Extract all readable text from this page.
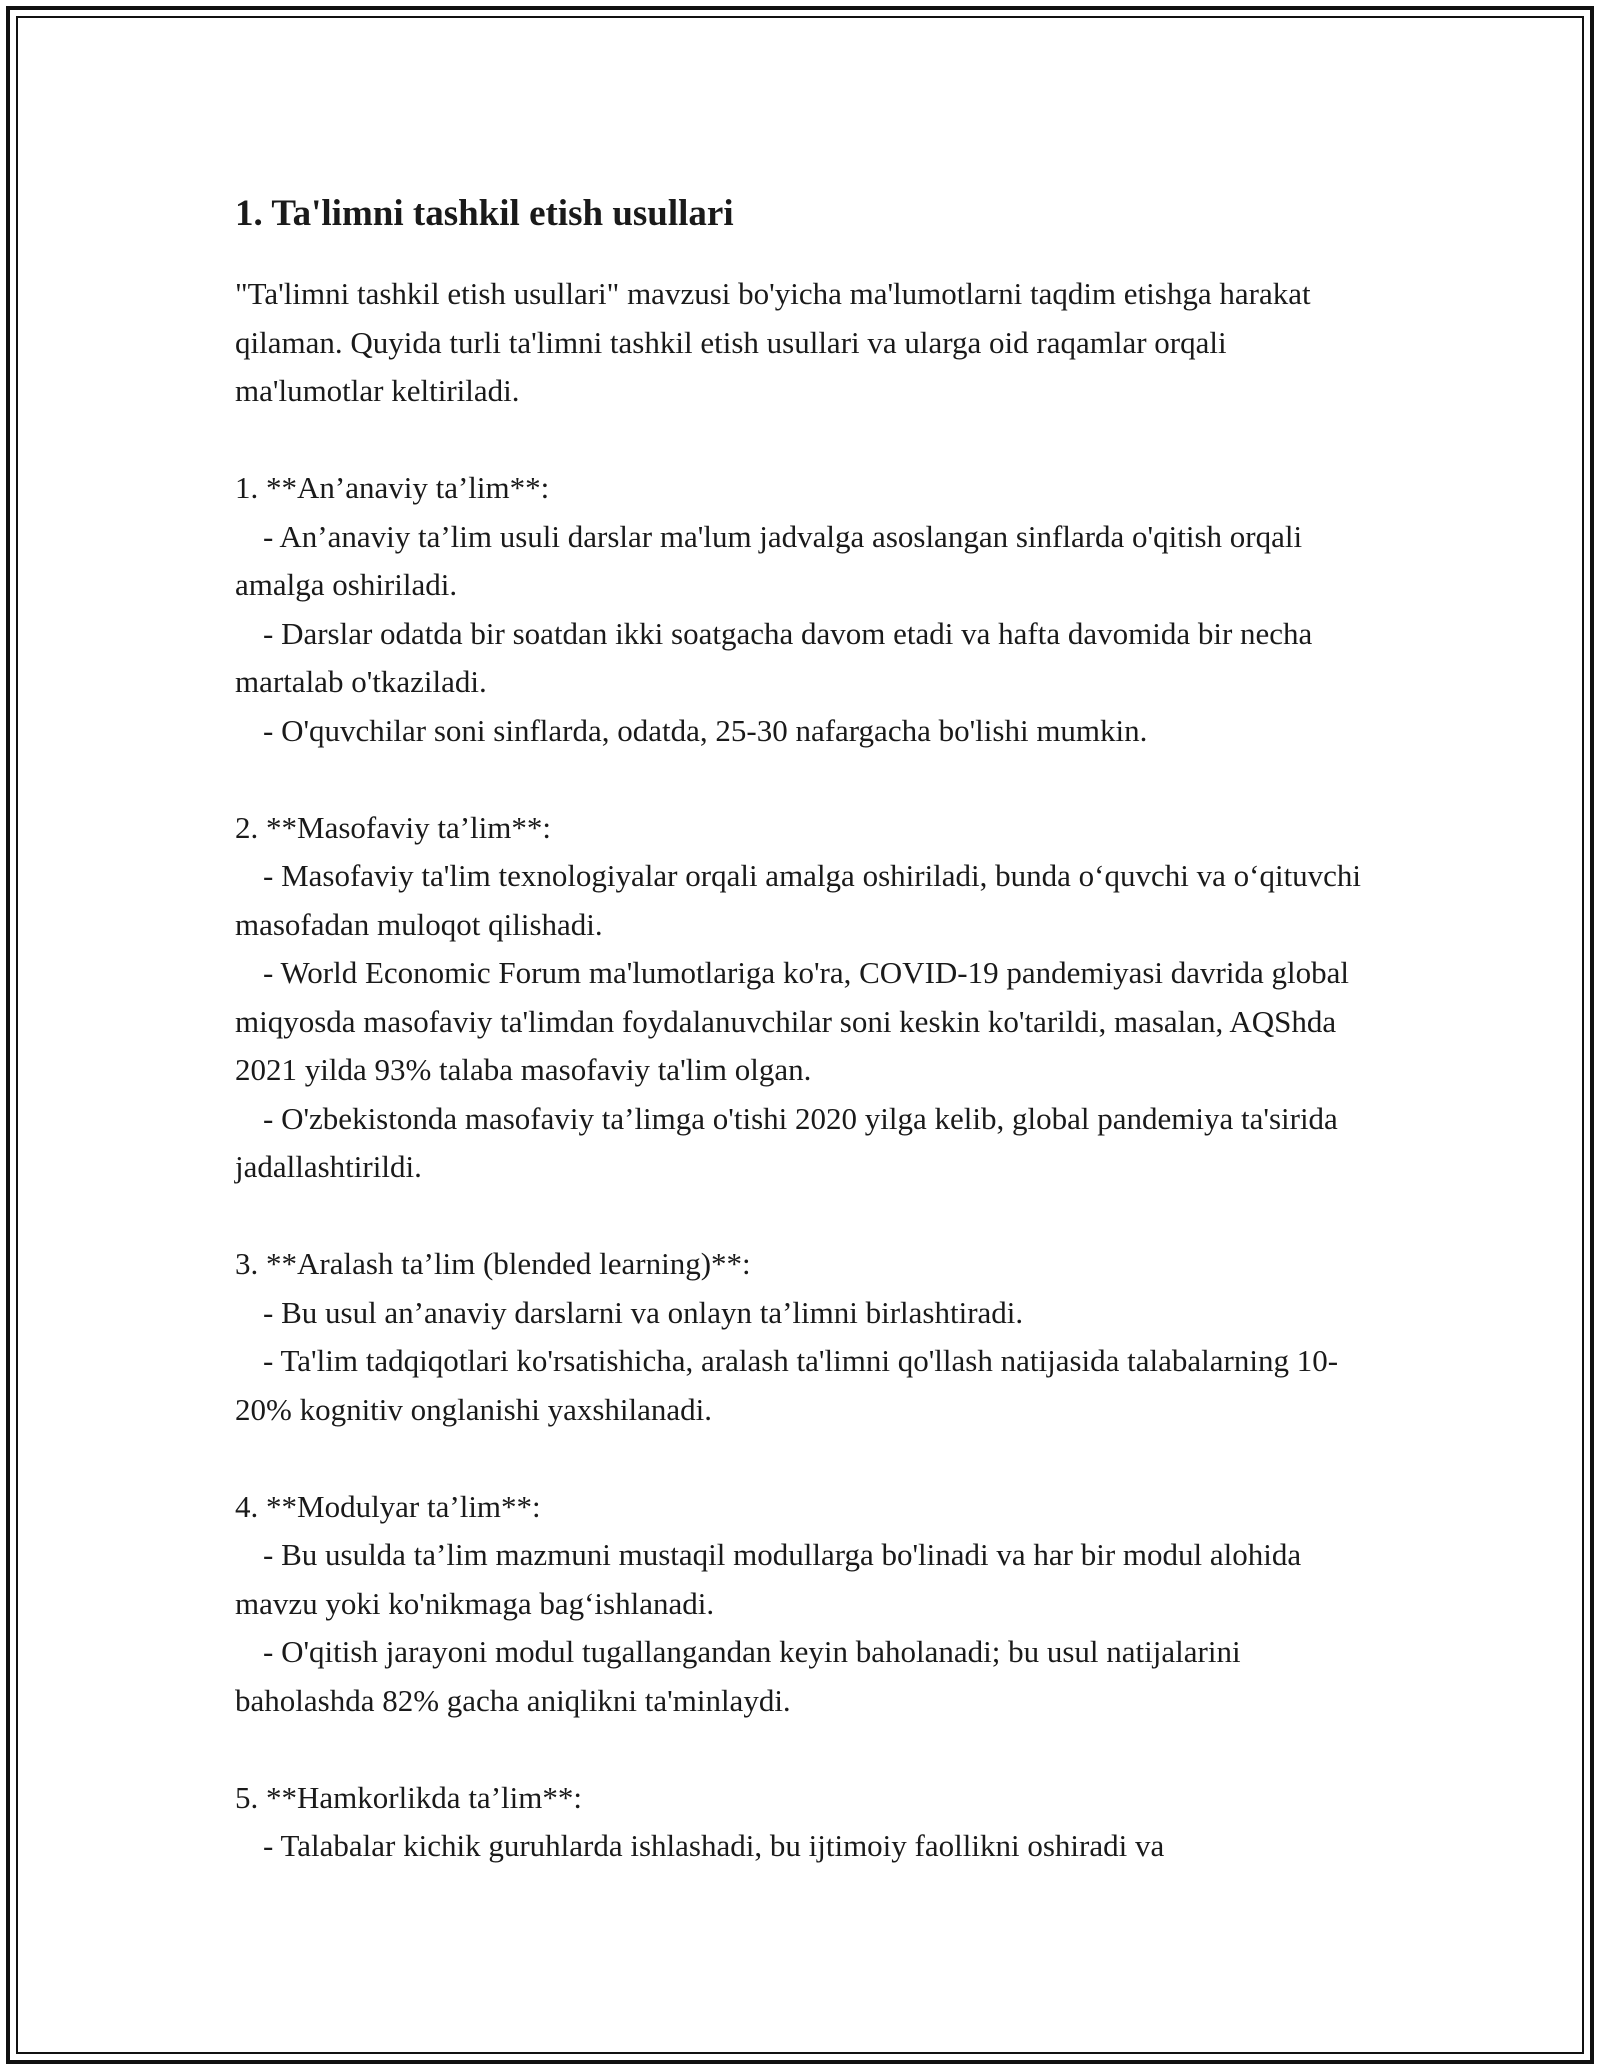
1. Ta'limni tashkil etish usullari

"Ta'limni tashkil etish usullari" mavzusi bo'yicha ma'lumotlarni taqdim etishga harakat qilaman. Quyida turli ta'limni tashkil etish usullari va ularga oid raqamlar orqali ma'lumotlar keltiriladi.

1. **An’anaviy ta’lim**:

- An’anaviy ta’lim usuli darslar ma'lum jadvalga asoslangan sinflarda o'qitish orqali amalga oshiriladi.

- Darslar odatda bir soatdan ikki soatgacha davom etadi va hafta davomida bir necha martalab o'tkaziladi.

- O'quvchilar soni sinflarda, odatda, 25-30 nafargacha bo'lishi mumkin.

2. **Masofaviy ta’lim**:

- Masofaviy ta'lim texnologiyalar orqali amalga oshiriladi, bunda o‘quvchi va o‘qituvchi masofadan muloqot qilishadi.

- World Economic Forum ma'lumotlariga ko'ra, COVID-19 pandemiyasi davrida global miqyosda masofaviy ta'limdan foydalanuvchilar soni keskin ko'tarildi, masalan, AQShda 2021 yilda 93% talaba masofaviy ta'lim olgan.

- O'zbekistonda masofaviy ta’limga o'tishi 2020 yilga kelib, global pandemiya ta'sirida jadallashtirildi.

3. **Aralash ta’lim (blended learning)**:

- Bu usul an’anaviy darslarni va onlayn ta’limni birlashtiradi.

- Ta'lim tadqiqotlari ko'rsatishicha, aralash ta'limni qo'llash natijasida talabalarning 10-20% kognitiv onglanishi yaxshilanadi.

4. **Modulyar ta’lim**:

- Bu usulda ta’lim mazmuni mustaqil modullarga bo'linadi va har bir modul alohida mavzu yoki ko'nikmaga bag‘ishlanadi.

- O'qitish jarayoni modul tugallangandan keyin baholanadi; bu usul natijalarini baholashda 82% gacha aniqlikni ta'minlaydi.

5. **Hamkorlikda ta’lim**:

- Talabalar kichik guruhlarda ishlashadi, bu ijtimoiy faollikni oshiradi va
